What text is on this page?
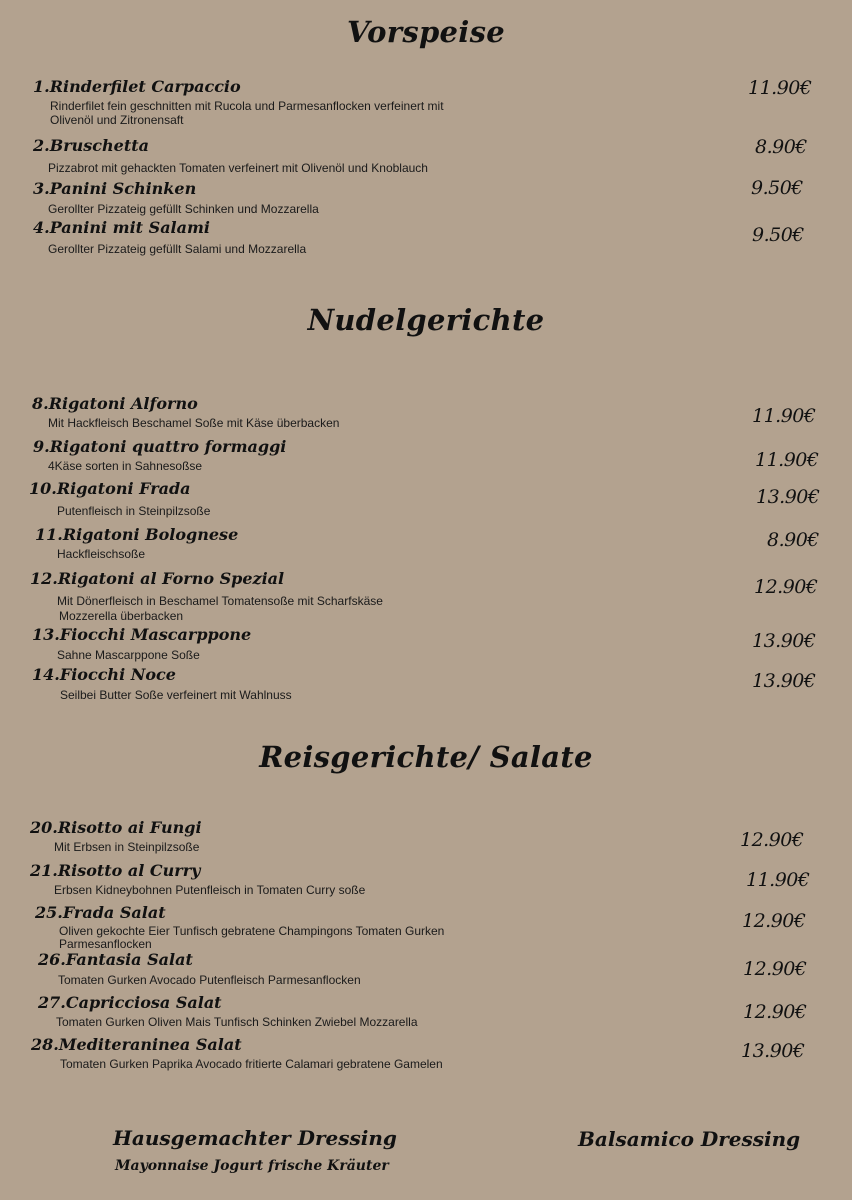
Vorspeise
Nudelgerichte
Reisgerichte/ Salate
1.Rinderfilet Carpaccio
Rinderfilet fein geschnitten mit Rucola und Parmesanflocken verfeinert mit
Olivenöl und Zitronensaft
11.90€
2.Bruschetta
Pizzabrot mit gehackten Tomaten verfeinert mit Olivenöl und Knoblauch
8.90€
3.Panini Schinken
Gerollter Pizzateig gefüllt Schinken und Mozzarella
9.50€
4.Panini mit Salami
Gerollter Pizzateig gefüllt Salami und Mozzarella
9.50€
8.Rigatoni Alforno
Mit Hackfleisch Beschamel Soße mit Käse überbacken	11.90€
9.Rigatoni quattro formaggi
4Käse sorten in Sahnesoßse	11.90€
10.Rigatoni Frada
Putenfleisch in Steinpilzsoße
13.90€
11.Rigatoni Bolognese
Hackfleischsoße
8.90€
12.Rigatoni al Forno Spezial
Mit Dönerfleisch in Beschamel Tomatensoße mit Scharfskäse
Mozzerella überbacken
12.90€
13.Fiocchi Mascarppone
Sahne Mascarppone Soße
13.90€
14.Fiocchi Noce
Seilbei Butter Soße verfeinert mit Wahlnuss
13.90€
20.Risotto ai Fungi
Mit Erbsen in Steinpilzsoße	12.90€
21.Risotto al Curry
Erbsen Kidneybohnen Putenfleisch in Tomaten Curry soße	11.90€
25.Frada Salat
Oliven gekochte Eier Tunfisch gebratene Champingons Tomaten Gurken
Parmesanflocken
12.90€
26.Fantasia Salat
Tomaten Gurken Avocado Putenfleisch Parmesanflocken	12.90€
27.Capricciosa Salat
Tomaten Gurken Oliven Mais Tunfisch Schinken Zwiebel Mozzarella	12.90€
28.Mediteraninea Salat
Tomaten Gurken Paprika Avocado fritierte Calamari gebratene Gamelen
13.90€
Hausgemachter Dressing
Mayonnaise Jogurt frische Kräuter
Balsamico Dressing
